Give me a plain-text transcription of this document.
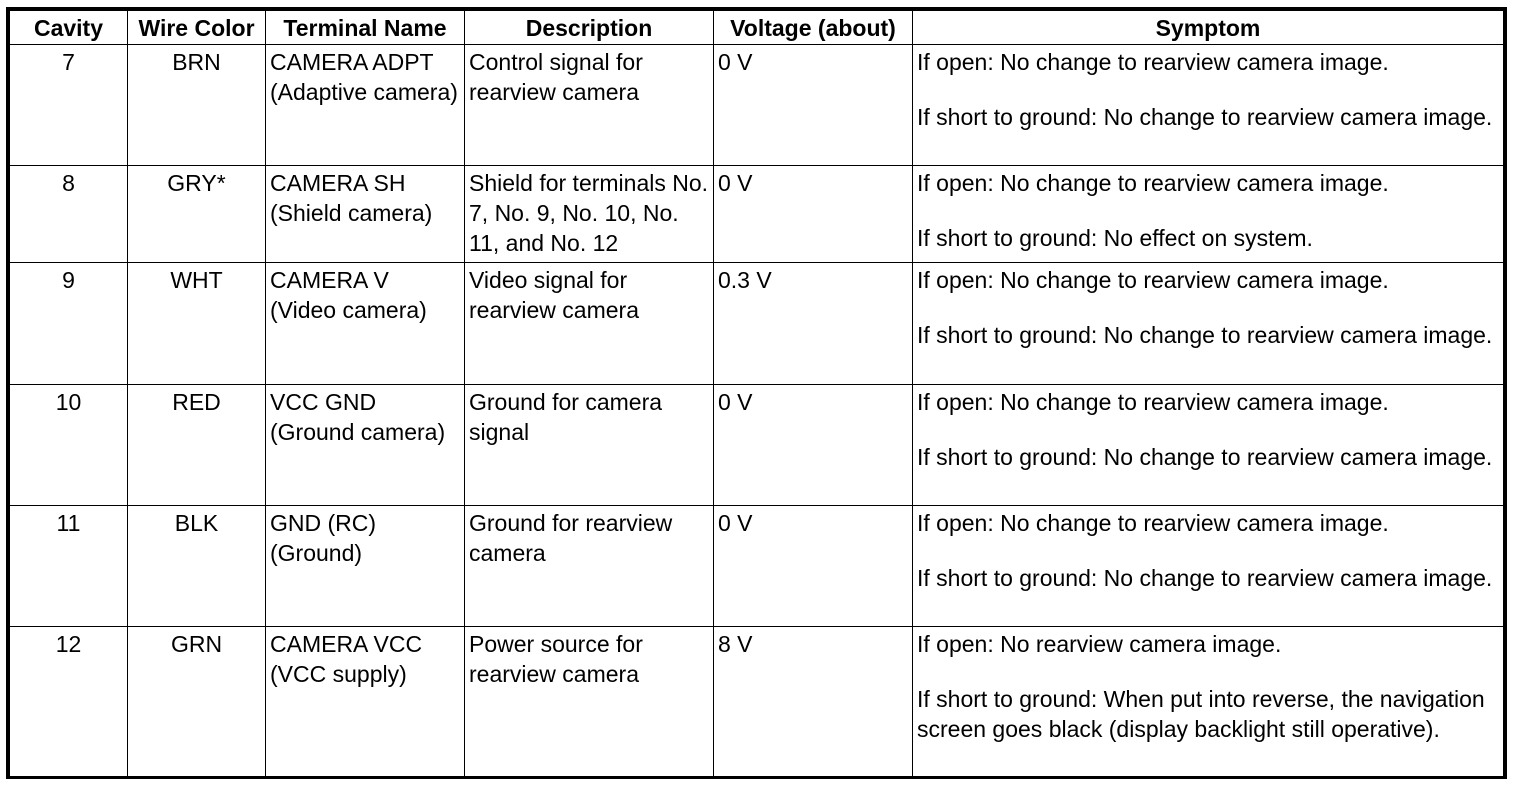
Cavity	Wire Color	Terminal Name	Description	Voltage (about)	Symptom
7	BRN	CAMERA ADPT (Adaptive camera)	Control signal for rearview camera	0 V	If open: No change to rearview camera image.
If short to ground: No change to rearview camera image.

8	GRY*	CAMERA SH (Shield camera)	Shield for terminals No. 7, No. 9, No. 10, No. 11, and No. 12	0 V	If open: No change to rearview camera image.
If short to ground: No effect on system.

9	WHT	CAMERA V (Video camera)	Video signal for rearview camera	0.3 V	If open: No change to rearview camera image.
If short to ground: No change to rearview camera image.

10	RED	VCC GND (Ground camera)	Ground for camera signal	0 V	If open: No change to rearview camera image.
If short to ground: No change to rearview camera image.

11	BLK	GND (RC) (Ground)	Ground for rearview camera	0 V	If open: No change to rearview camera image.
If short to ground: No change to rearview camera image.

12	GRN	CAMERA VCC (VCC supply)	Power source for rearview camera	8 V	If open: No rearview camera image.
If short to ground: When put into reverse, the navigation screen goes black (display backlight still operative).
